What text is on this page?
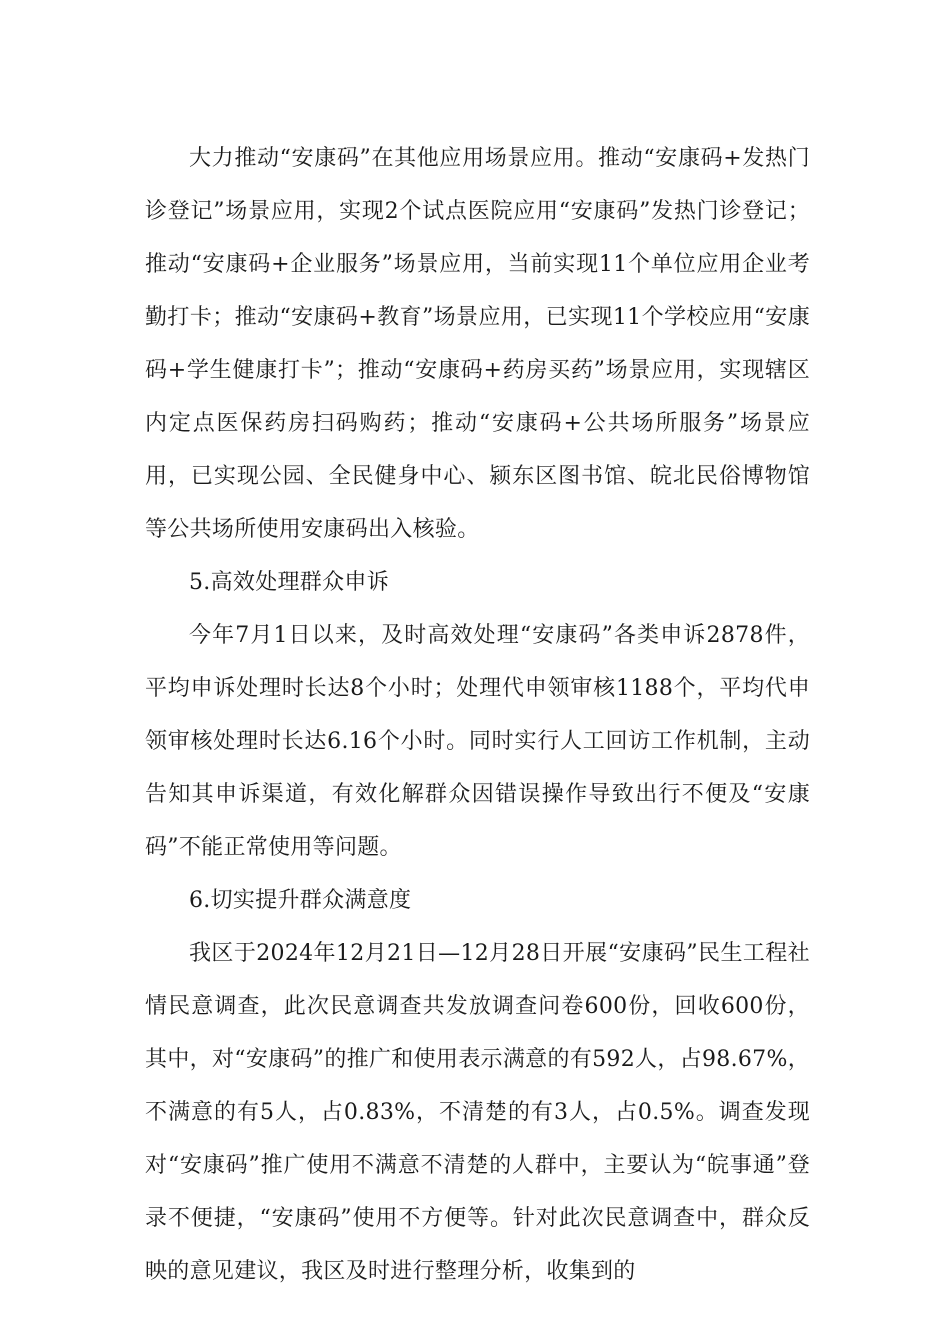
大力推动“安康码”在其他应用场景应用。推动“安康码+发热门诊登记”场景应用，实现2个试点医院应用“安康码”发热门诊登记；推动“安康码+企业服务”场景应用，当前实现11个单位应用企业考勤打卡；推动“安康码+教育”场景应用，已实现11个学校应用“安康码+学生健康打卡”；推动“安康码+药房买药”场景应用，实现辖区内定点医保药房扫码购药；推动“安康码+公共场所服务”场景应用，已实现公园、全民健身中心、颍东区图书馆、皖北民俗博物馆等公共场所使用安康码出入核验。

5.高效处理群众申诉

今年7月1日以来，及时高效处理“安康码”各类申诉2878件，平均申诉处理时长达8个小时；处理代申领审核1188个，平均代申领审核处理时长达6.16个小时。同时实行人工回访工作机制，主动告知其申诉渠道，有效化解群众因错误操作导致出行不便及“安康码”不能正常使用等问题。

6.切实提升群众满意度

我区于2024年12月21日—12月28日开展“安康码”民生工程社情民意调查，此次民意调查共发放调查问卷600份，回收600份，其中，对“安康码”的推广和使用表示满意的有592人，占98.67%，不满意的有5人，占0.83%，不清楚的有3人，占0.5%。调查发现对“安康码”推广使用不满意不清楚的人群中，主要认为“皖事通”登录不便捷，“安康码”使用不方便等。针对此次民意调查中，群众反映的意见建议，我区及时进行整理分析，收集到的
